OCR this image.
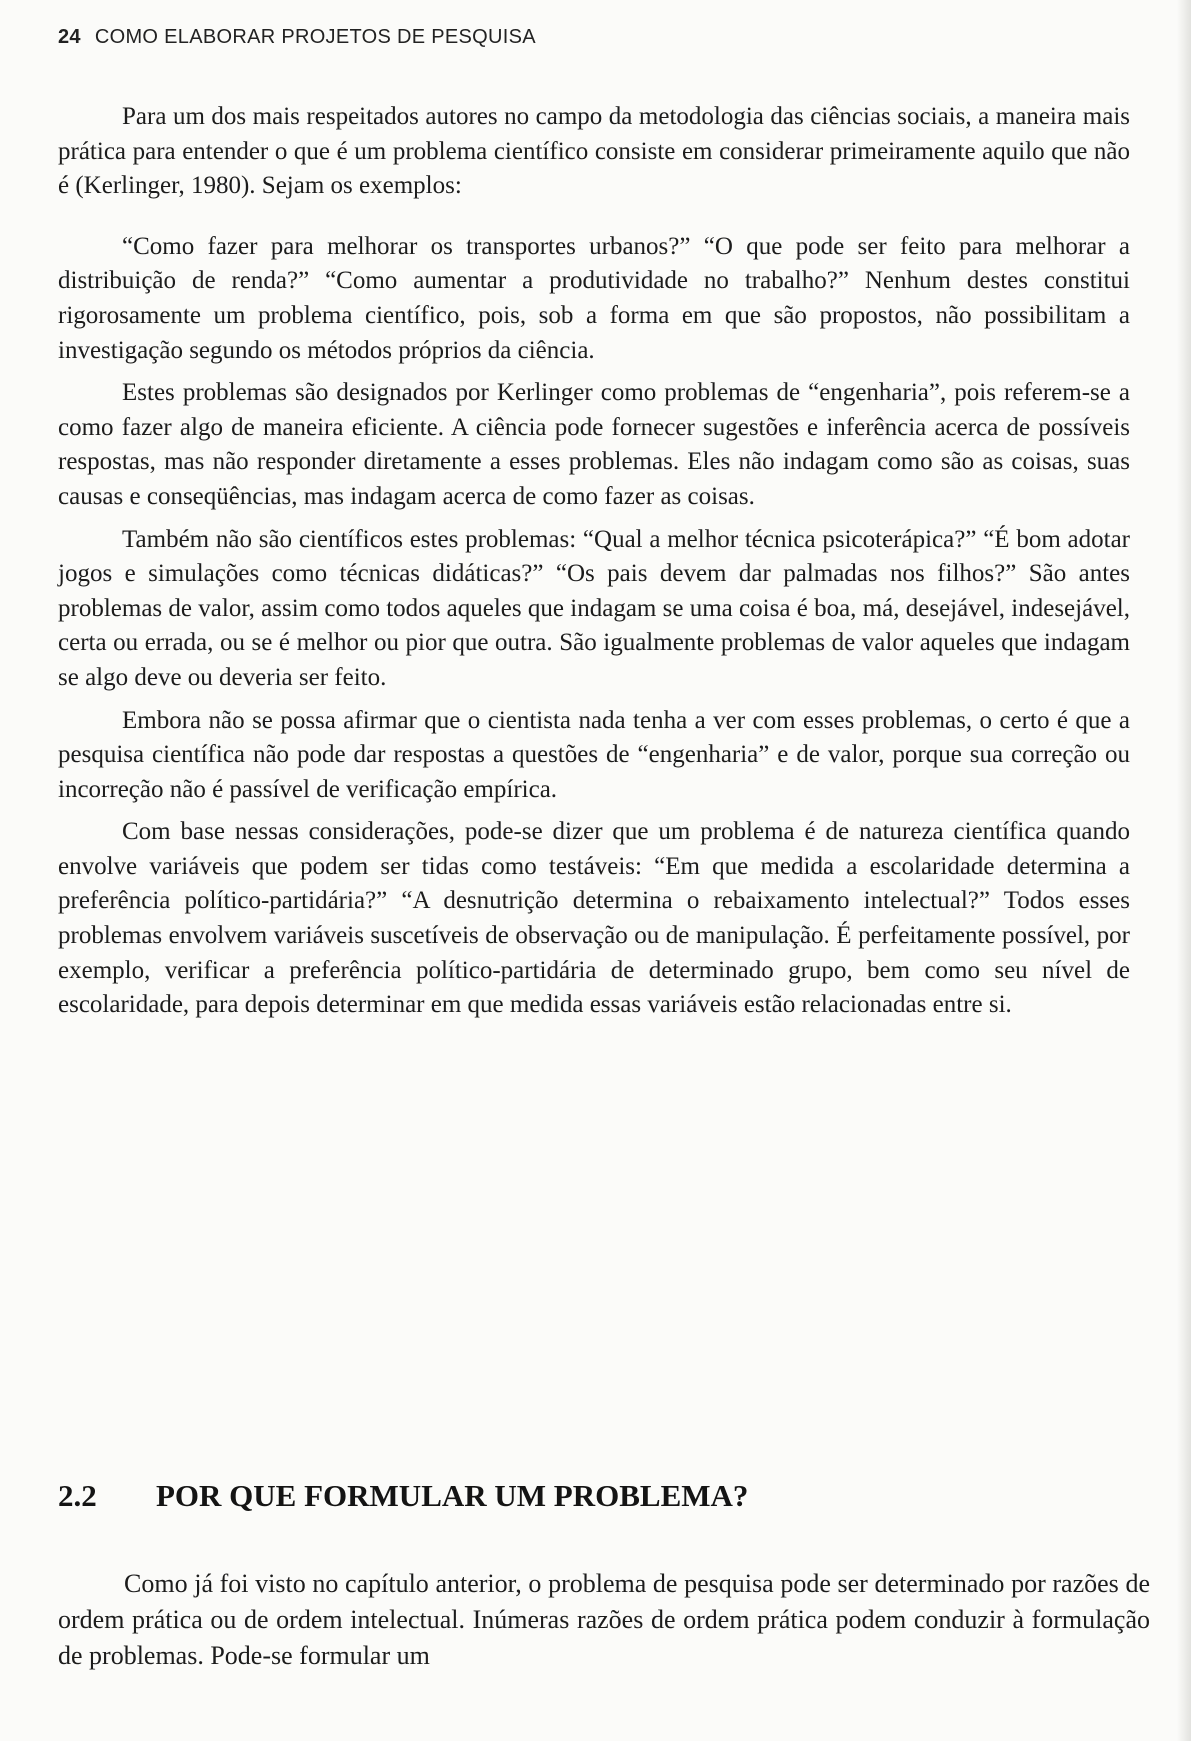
24 COMO ELABORAR PROJETOS DE PESQUISA

Para um dos mais respeitados autores no campo da metodologia das ciências sociais, a maneira mais prática para entender o que é um problema científico consiste em considerar primeiramente aquilo que não é (Kerlinger, 1980). Sejam os exemplos:

“Como fazer para melhorar os transportes urbanos?” “O que pode ser feito para melhorar a distribuição de renda?” “Como aumentar a produtividade no trabalho?” Nenhum destes constitui rigorosamente um problema científico, pois, sob a forma em que são propostos, não possibilitam a investigação segundo os métodos próprios da ciência.

Estes problemas são designados por Kerlinger como problemas de “engenharia”, pois referem-se a como fazer algo de maneira eficiente. A ciência pode fornecer sugestões e inferência acerca de possíveis respostas, mas não responder diretamente a esses problemas. Eles não indagam como são as coisas, suas causas e conseqüências, mas indagam acerca de como fazer as coisas.

Também não são científicos estes problemas: “Qual a melhor técnica psicoterápica?” “É bom adotar jogos e simulações como técnicas didáticas?” “Os pais devem dar palmadas nos filhos?” São antes problemas de valor, assim como todos aqueles que indagam se uma coisa é boa, má, desejável, indesejável, certa ou errada, ou se é melhor ou pior que outra. São igualmente problemas de valor aqueles que indagam se algo deve ou deveria ser feito.

Embora não se possa afirmar que o cientista nada tenha a ver com esses problemas, o certo é que a pesquisa científica não pode dar respostas a questões de “engenharia” e de valor, porque sua correção ou incorreção não é passível de verificação empírica.

Com base nessas considerações, pode-se dizer que um problema é de natureza científica quando envolve variáveis que podem ser tidas como testáveis: “Em que medida a escolaridade determina a preferência político-partidária?” “A desnutrição determina o rebaixamento intelectual?” Todos esses problemas envolvem variáveis suscetíveis de observação ou de manipulação. É perfeitamente possível, por exemplo, verificar a preferência político-partidária de determinado grupo, bem como seu nível de escolaridade, para depois determinar em que medida essas variáveis estão relacionadas entre si.

2.2 POR QUE FORMULAR UM PROBLEMA?

Como já foi visto no capítulo anterior, o problema de pesquisa pode ser determinado por razões de ordem prática ou de ordem intelectual. Inúmeras razões de ordem prática podem conduzir à formulação de problemas. Pode-se formular um
